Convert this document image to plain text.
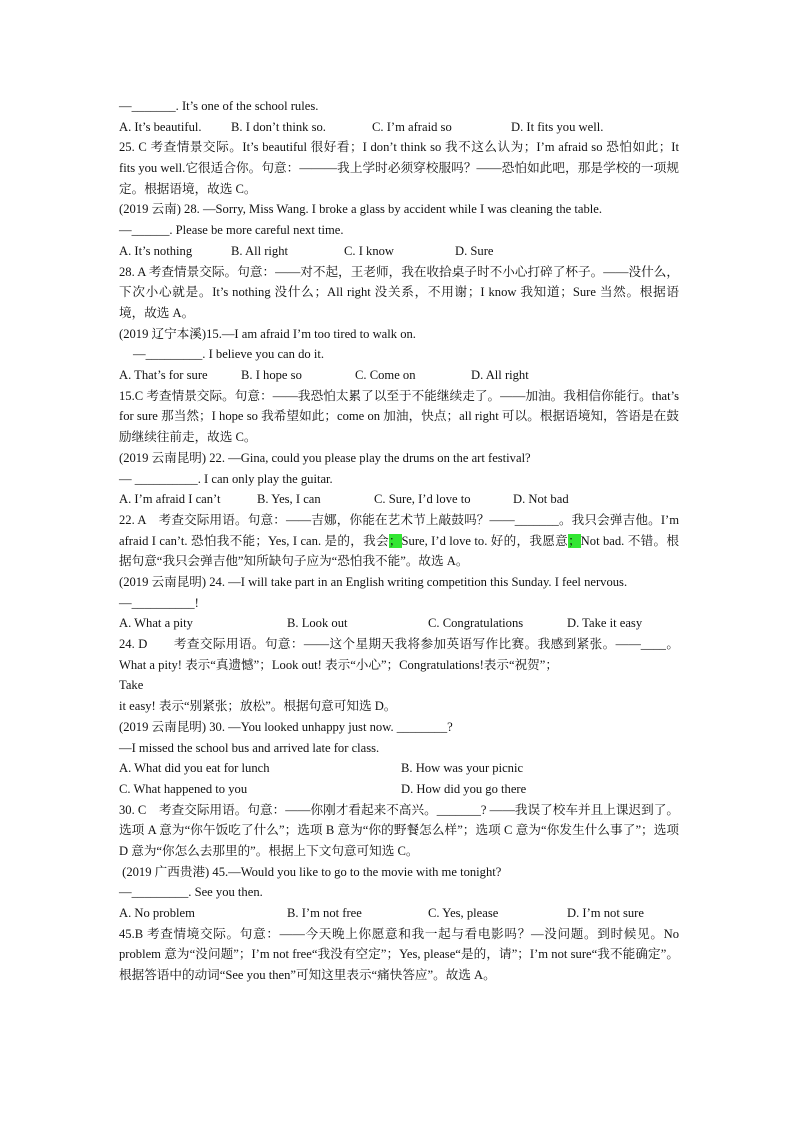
—_______. It’s one of the school rules.
A. It’s beautiful.	B. I don’t think so.	C. I’m afraid so	D. It fits you well.
25. C 考查情景交际。It’s beautiful 很好看；I don’t think so 我不这么认为；I’m afraid so 恐怕如此；It fits you well.它很适合你。句意：———我上学时必须穿校服吗？——恐怕如此吧，那是学校的一项规定。根据语境，故选 C。
(2019 云南) 28. —Sorry, Miss Wang. I broke a glass by accident while I was cleaning the table.
—______. Please be more careful next time.
A. It’s nothing	B. All right	C. I know	D. Sure
28. A 考查情景交际。句意：——对不起，王老师，我在收拾桌子时不小心打碎了杯子。——没什么，下次小心就是。It’s nothing 没什么；All right 没关系，不用谢；I know 我知道；Sure 当然。根据语境，故选 A。
(2019 辽宁本溪)15.—I am afraid I’m too tired to walk on.
—_________. I believe you can do it.
A. That’s for sure	B. I hope so	C. Come on	D. All right
15.C 考查情景交际。句意：——我恐怕太累了以至于不能继续走了。——加油。我相信你能行。that’s for sure 那当然；I hope so 我希望如此；come on 加油，快点；all right 可以。根据语境知，答语是在鼓励继续往前走，故选 C。
(2019 云南昆明) 22. —Gina, could you please play the drums on the art festival?
— __________. I can only play the guitar.
A. I’m afraid I can’t	B. Yes, I can	C. Sure, I’d love to	D. Not bad
22. A　考查交际用语。句意：——吉娜，你能在艺术节上敲鼓吗？——_______。我只会弹吉他。I’m afraid I can’t. 恐怕我不能；Yes, I can. 是的，我会；Sure, I’d love to. 好的，我愿意；Not bad. 不错。根据句意“我只会弹吉他”知所缺句子应为“恐怕我不能”。故选 A。
(2019 云南昆明) 24. —I will take part in an English writing competition this Sunday. I feel nervous.
—__________!
A. What a pity	B. Look out	C. Congratulations	D. Take it easy
24. D　　考查交际用语。句意：——这个星期天我将参加英语写作比赛。我感到紧张。——____。What a pity! 表示“真遗憾”；Look out! 表示“小心”；Congratulations!表示“祝贺”；
Take
it easy! 表示“别紧张；放松”。根据句意可知选 D。
(2019 云南昆明) 30. —You looked unhappy just now. ________?
—I missed the school bus and arrived late for class.
A. What did you eat for lunch	B. How was your picnic
C. What happened to you	D. How did you go there
30. C　考查交际用语。句意：——你刚才看起来不高兴。_______? ——我误了校车并且上课迟到了。选项 A 意为“你午饭吃了什么”；选项 B 意为“你的野餐怎么样”；选项 C 意为“你发生什么事了”；选项 D 意为“你怎么去那里的”。根据上下文句意可知选 C。
(2019 广西贵港) 45.—Would you like to go to the movie with me tonight?
—_________. See you then.
A. No problem	B. I’m not free	C. Yes, please	D. I’m not sure
45.B 考查情境交际。句意：——今天晚上你愿意和我一起与看电影吗？—没问题。到时候见。No problem 意为“没问题”；I’m not free“我没有空定”；Yes, please“是的，请”；I’m not sure“我不能确定”。根据答语中的动词“See you then”可知这里表示“痛快答应”。故选 A。
